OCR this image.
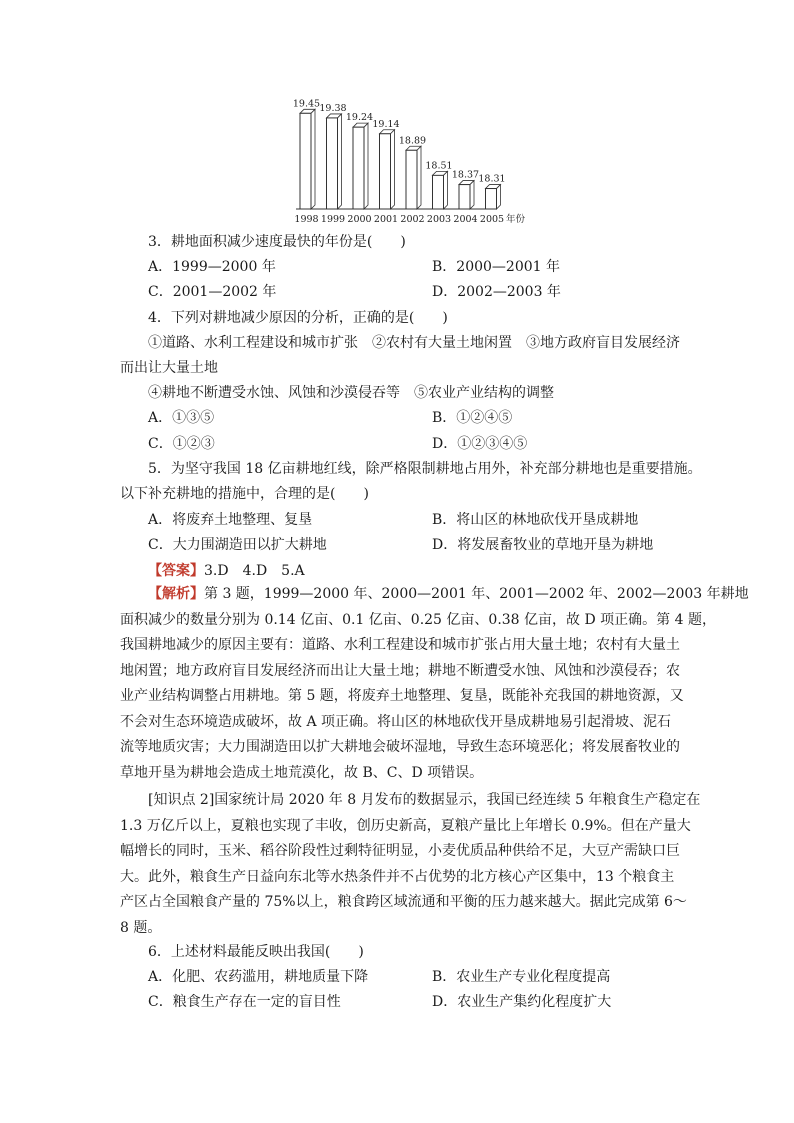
19.45 19.38
19.24
19.14
18.89
18.51
18.37 18.31
1998 1999 2000 2001 2002 2003 2004 2005 年份
3．耕地面积减少速度最快的年份是(　　)
A．1999—2000 年	B．2000—2001 年
C．2001—2002 年	D．2002—2003 年
4．下列对耕地减少原因的分析，正确的是(　　)
①道路、水利工程建设和城市扩张　②农村有大量土地闲置　③地方政府盲目发展经济
而出让大量土地
④耕地不断遭受水蚀、风蚀和沙漠侵吞等　⑤农业产业结构的调整
A．①③⑤	B．①②④⑤
C．①②③	D．①②③④⑤
5．为坚守我国 18 亿亩耕地红线，除严格限制耕地占用外，补充部分耕地也是重要措施。
以下补充耕地的措施中，合理的是(　　)
A．将废弃土地整理、复垦	B．将山区的林地砍伐开垦成耕地
C．大力围湖造田以扩大耕地	D．将发展畜牧业的草地开垦为耕地
【答案】3.D　4.D　5.A
【解析】第 3 题，1999—2000 年、2000—2001 年、2001—2002 年、2002—2003 年耕地
面积减少的数量分别为 0.14 亿亩、0.1 亿亩、0.25 亿亩、0.38 亿亩，故 D 项正确。第 4 题，
我国耕地减少的原因主要有：道路、水利工程建设和城市扩张占用大量土地；农村有大量土
地闲置；地方政府盲目发展经济而出让大量土地；耕地不断遭受水蚀、风蚀和沙漠侵吞；农
业产业结构调整占用耕地。第 5 题，将废弃土地整理、复垦，既能补充我国的耕地资源，又
不会对生态环境造成破坏，故 A 项正确。将山区的林地砍伐开垦成耕地易引起滑坡、泥石
流等地质灾害；大力围湖造田以扩大耕地会破坏湿地，导致生态环境恶化；将发展畜牧业的
草地开垦为耕地会造成土地荒漠化，故 B、C、D 项错误。
[知识点 2]国家统计局 2020 年 8 月发布的数据显示，我国已经连续 5 年粮食生产稳定在
1.3 万亿斤以上，夏粮也实现了丰收，创历史新高，夏粮产量比上年增长 0.9%。但在产量大
幅增长的同时，玉米、稻谷阶段性过剩特征明显，小麦优质品种供给不足，大豆产需缺口巨
大。此外，粮食生产日益向东北等水热条件并不占优势的北方核心产区集中，13 个粮食主
产区占全国粮食产量的 75%以上，粮食跨区域流通和平衡的压力越来越大。据此完成第 6～
8 题。
6．上述材料最能反映出我国(　　)
A．化肥、农药滥用，耕地质量下降	B．农业生产专业化程度提高
C．粮食生产存在一定的盲目性	D．农业生产集约化程度扩大
